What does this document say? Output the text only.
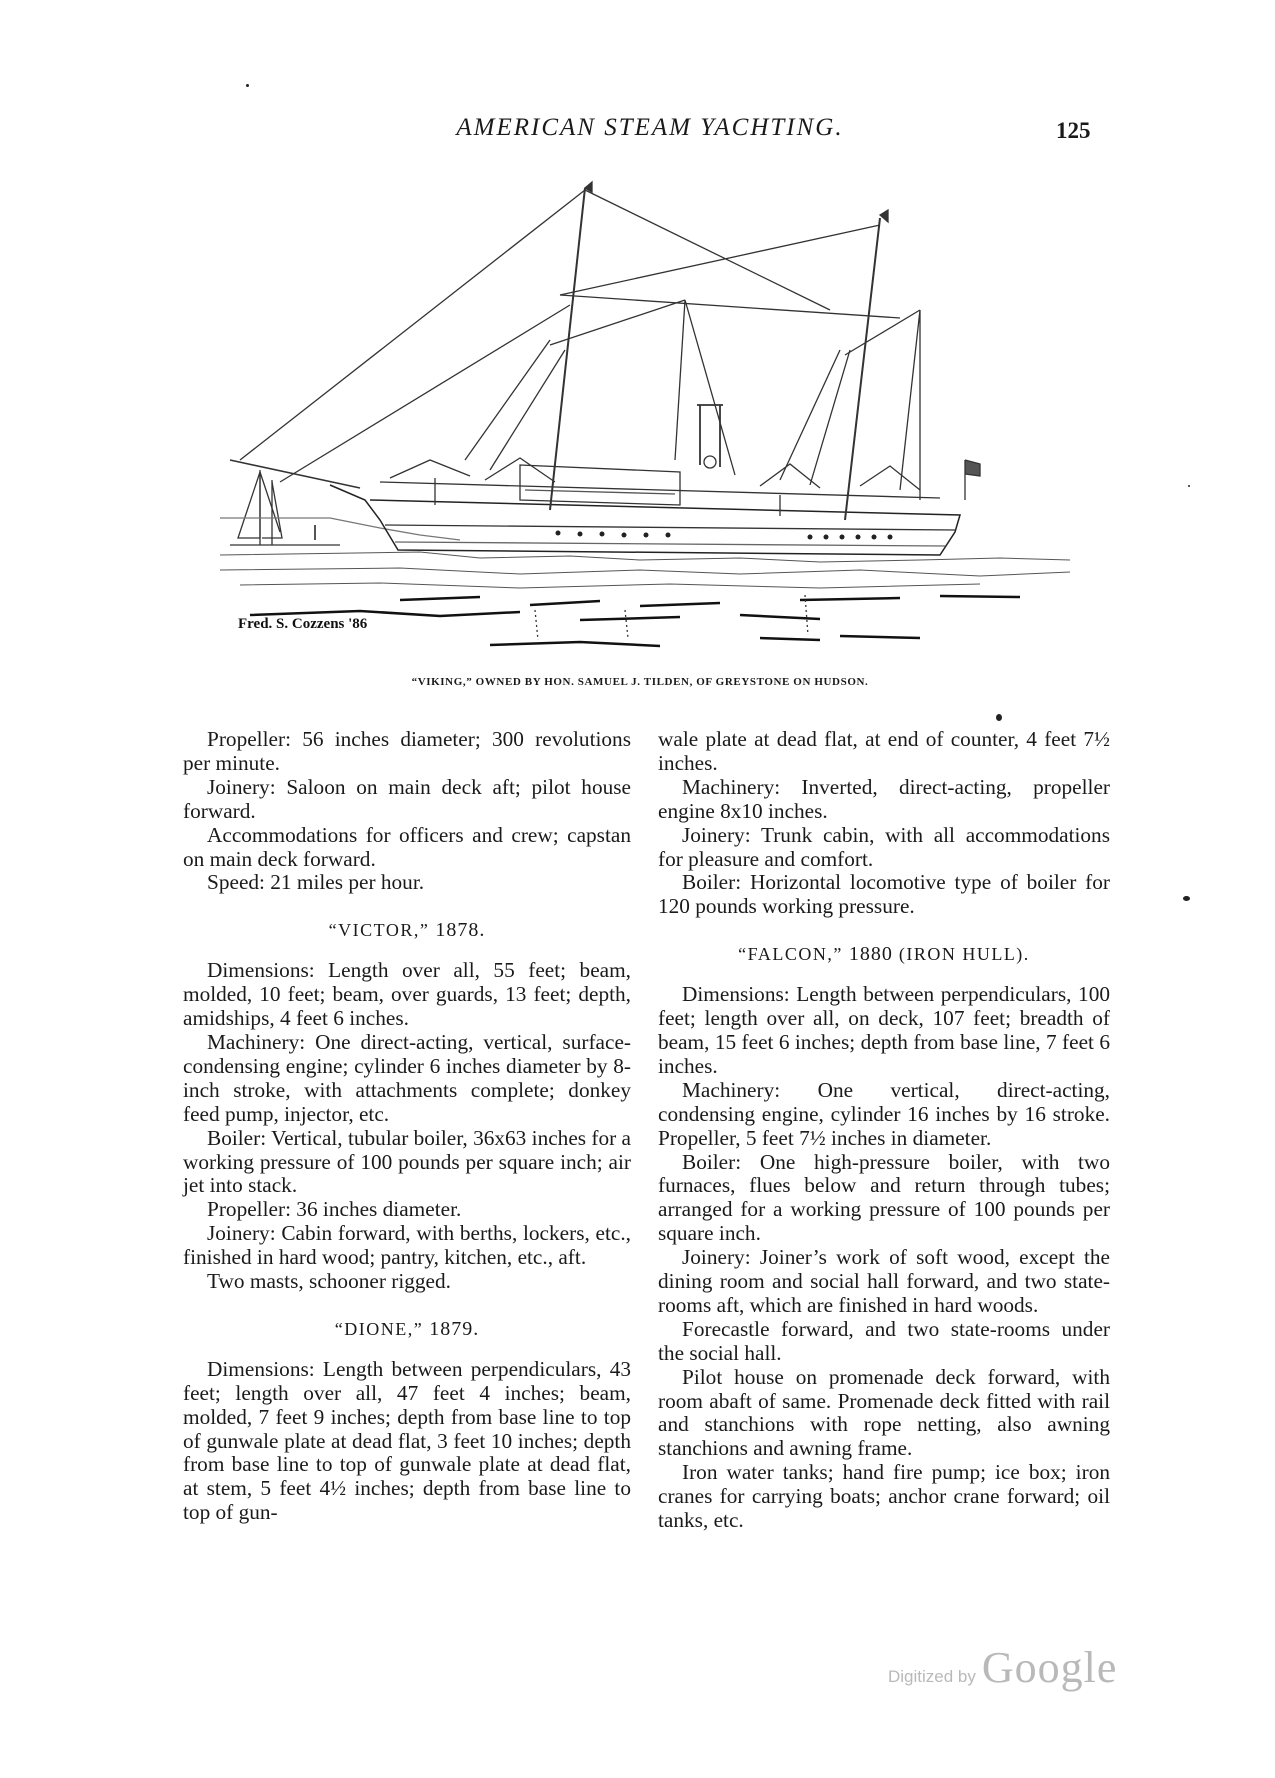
AMERICAN STEAM YACHTING.	125
Fred. S. Cozzens '86
“VIKING,” OWNED BY HON. SAMUEL J. TILDEN, OF GREYSTONE ON HUDSON.

Propeller: 56 inches diameter; 300 revolutions per minute.

Joinery: Saloon on main deck aft; pilot house forward.

Accommodations for officers and crew; capstan on main deck forward.

Speed: 21 miles per hour.

“VICTOR,” 1878.

Dimensions: Length over all, 55 feet; beam, molded, 10 feet; beam, over guards, 13 feet; depth, amidships, 4 feet 6 inches.

Machinery: One direct-acting, vertical, surface-condensing engine; cylinder 6 inches diameter by 8-inch stroke, with attachments complete; donkey feed pump, injector, etc.

Boiler: Vertical, tubular boiler, 36x63 inches for a working pressure of 100 pounds per square inch; air jet into stack.

Propeller: 36 inches diameter.

Joinery: Cabin forward, with berths, lockers, etc., finished in hard wood; pantry, kitchen, etc., aft.

Two masts, schooner rigged.

“DIONE,” 1879.

Dimensions: Length between perpendiculars, 43 feet; length over all, 47 feet 4 inches; beam, molded, 7 feet 9 inches; depth from base line to top of gunwale plate at dead flat, 3 feet 10 inches; depth from base line to top of gunwale plate at dead flat, at stem, 5 feet 4½ inches; depth from base line to top of gun-

wale plate at dead flat, at end of counter, 4 feet 7½ inches.

Machinery: Inverted, direct-acting, propeller engine 8x10 inches.

Joinery: Trunk cabin, with all accommodations for pleasure and comfort.

Boiler: Horizontal locomotive type of boiler for 120 pounds working pressure.

“FALCON,” 1880 (IRON HULL).

Dimensions: Length between perpendiculars, 100 feet; length over all, on deck, 107 feet; breadth of beam, 15 feet 6 inches; depth from base line, 7 feet 6 inches.

Machinery: One vertical, direct-acting, condensing engine, cylinder 16 inches by 16 stroke. Propeller, 5 feet 7½ inches in diameter.

Boiler: One high-pressure boiler, with two furnaces, flues below and return through tubes; arranged for a working pressure of 100 pounds per square inch.

Joinery: Joiner’s work of soft wood, except the dining room and social hall forward, and two state-rooms aft, which are finished in hard woods.

Forecastle forward, and two state-rooms under the social hall.

Pilot house on promenade deck forward, with room abaft of same. Promenade deck fitted with rail and stanchions with rope netting, also awning stanchions and awning frame.

Iron water tanks; hand fire pump; ice box; iron cranes for carrying boats; anchor crane forward; oil tanks, etc.

Digitized by Google
